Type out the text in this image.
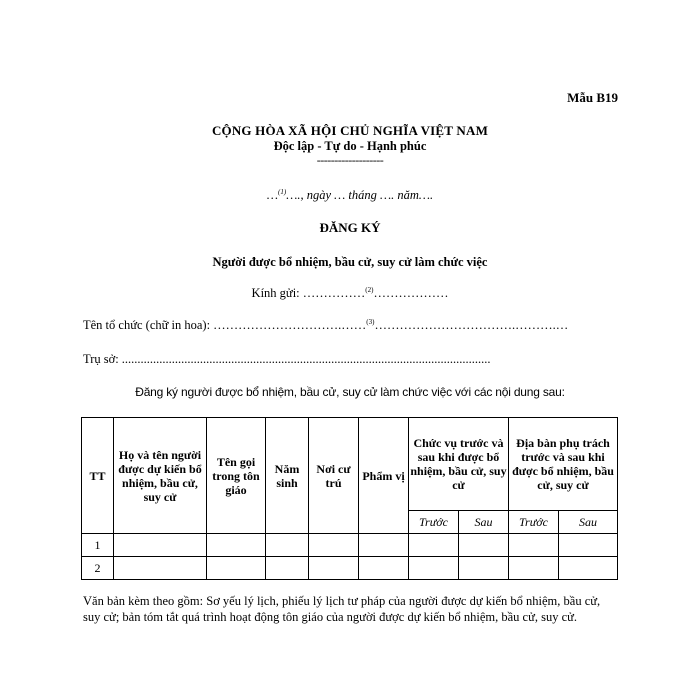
Mẫu B19
CỘNG HÒA XÃ HỘI CHỦ NGHĨA VIỆT NAM
Độc lập - Tự do - Hạnh phúc
-------------------
…$^{(1)}$…., ngày … tháng …. năm….
ĐĂNG KÝ
Người được bổ nhiệm, bầu cử, suy cử làm chức việc
Kính gửi: ……………$^{(2)}$………………
Tên tổ chức (chữ in hoa): ………………………….……$^{(3)}$…………………………….……….…
Trụ sở: ......................................................................................................................
Đăng ký người được bổ nhiệm, bầu cử, suy cử làm chức việc với các nội dung sau:
TT	Họ và tên người được dự kiến bổ nhiệm, bầu cử, suy cử	Tên gọi trong tôn giáo	Năm sinh	Nơi cư trú	Phẩm vị	Chức vụ trước và sau khi được bổ nhiệm, bầu cử, suy cử		Địa bàn phụ trách trước và sau khi được bổ nhiệm, bầu cử, suy cử	
						Trước	Sau	Trước	Sau
1									
2									
Văn bản kèm theo gồm: Sơ yếu lý lịch, phiếu lý lịch tư pháp của người được dự kiến bổ nhiệm, bầu cử, suy cử; bản tóm tắt quá trình hoạt động tôn giáo của người được dự kiến bổ nhiệm, bầu cử, suy cử.
